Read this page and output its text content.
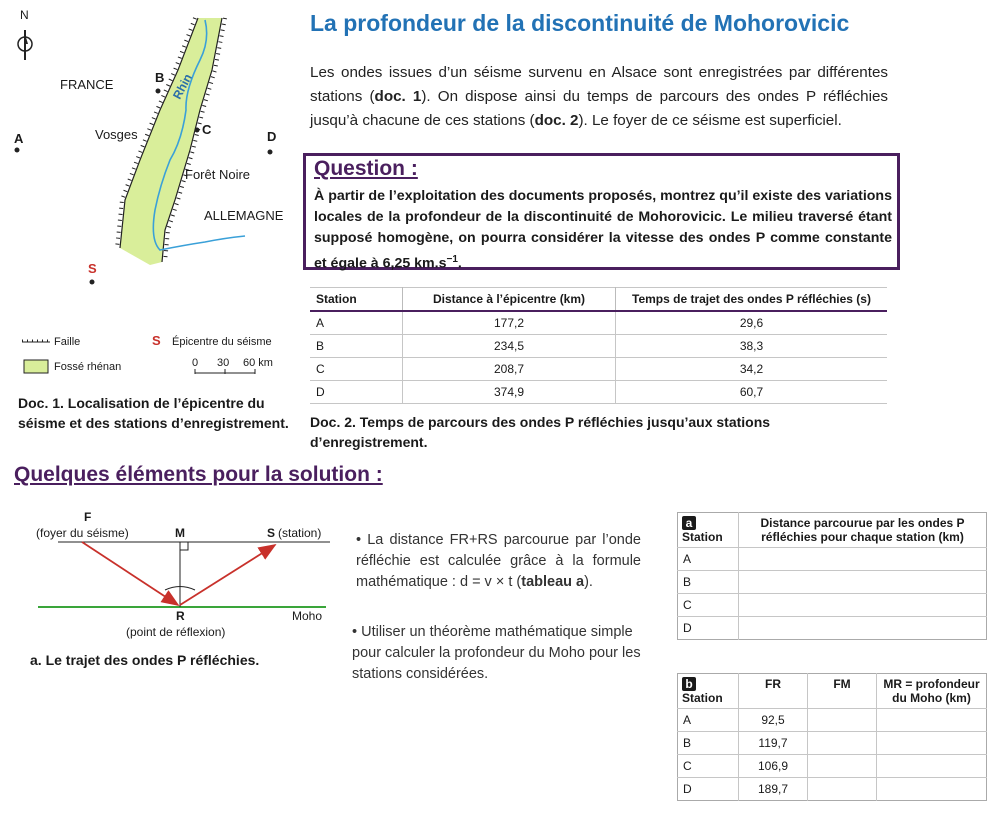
N
FRANCE
Vosges
Rhin
Forêt Noire
ALLEMAGNE
A
B
C	D
S
Faille
Fossé rhénan
S Épicentre du séisme
0 30 60 km
Doc. 1. Localisation de l’épicentre du séisme et des stations d’enregistrement.
La profondeur de la discontinuité de Mohorovicic
Les ondes issues d’un séisme survenu en Alsace sont enregistrées par différentes stations (doc. 1). On dispose ainsi du temps de parcours des ondes P réfléchies jusqu’à chacune de ces stations (doc. 2). Le foyer de ce séisme est superficiel.
Question :
À partir de l’exploitation des documents proposés, montrez qu’il existe des variations locales de la profondeur de la discontinuité de Mohorovicic. Le milieu traversé étant supposé homogène, on pourra considérer la vitesse des ondes P comme constante et égale à 6,25 $km.s^{-1}$.
Station	Distance à l’épicentre (km)	Temps de trajet des ondes P réfléchies (s)
A	177,2	29,6
B	234,5	38,3
C	208,7	34,2
D	374,9	60,7
Doc. 2. Temps de parcours des ondes P réfléchies jusqu’aux stations d’enregistrement.
Quelques éléments pour la solution :
F
(foyer du séisme)	M	S (station)
R	Moho
(point de réflexion)
a. Le trajet des ondes P réfléchies.
• La distance FR+RS parcourue par l’onde réfléchie est calculée grâce à la formule mathématique : d = v × t (tableau a).
• Utiliser un théorème mathématique simple pour calculer la profondeur du Moho pour les stations considérées.
a
Station	Distance parcourue par les ondes P réfléchies pour chaque station (km)
A	
B	
C	
D	
b
Station	FR	FM	MR = profondeur du Moho (km)
A	92,5		
B	119,7		
C	106,9		
D	189,7		
